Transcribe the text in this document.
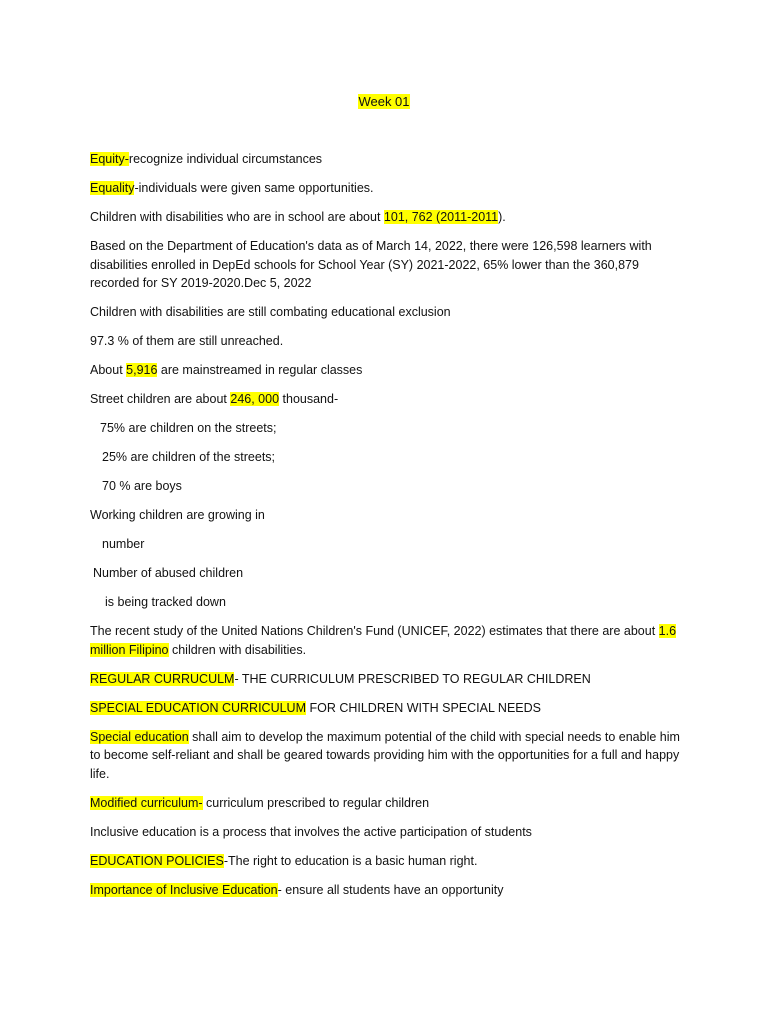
Week 01

Equity-recognize individual circumstances

Equality-individuals were given same opportunities.

Children with disabilities who are in school are about 101, 762 (2011-2011).

Based on the Department of Education's data as of March 14, 2022, there were 126,598 learners with disabilities enrolled in DepEd schools for School Year (SY) 2021-2022, 65% lower than the 360,879 recorded for SY 2019-2020.Dec 5, 2022

Children with disabilities are still combating educational exclusion

97.3 % of them are still unreached.

About 5,916 are mainstreamed in regular classes

Street children are about 246, 000 thousand-

75% are children on the streets;

25% are children of the streets;

70 % are boys

Working children are growing in

number

Number of abused children

is being tracked down

The recent study of the United Nations Children's Fund (UNICEF, 2022) estimates that there are about 1.6 million Filipino children with disabilities.

REGULAR CURRUCULM- THE CURRICULUM PRESCRIBED TO REGULAR CHILDREN

SPECIAL EDUCATION CURRICULUM FOR CHILDREN WITH SPECIAL NEEDS

Special education shall aim to develop the maximum potential of the child with special needs to enable him to become self-reliant and shall be geared towards providing him with the opportunities for a full and happy life.

Modified curriculum- curriculum prescribed to regular children

Inclusive education is a process that involves the active participation of students

EDUCATION POLICIES-The right to education is a basic human right.

Importance of Inclusive Education- ensure all students have an opportunity
